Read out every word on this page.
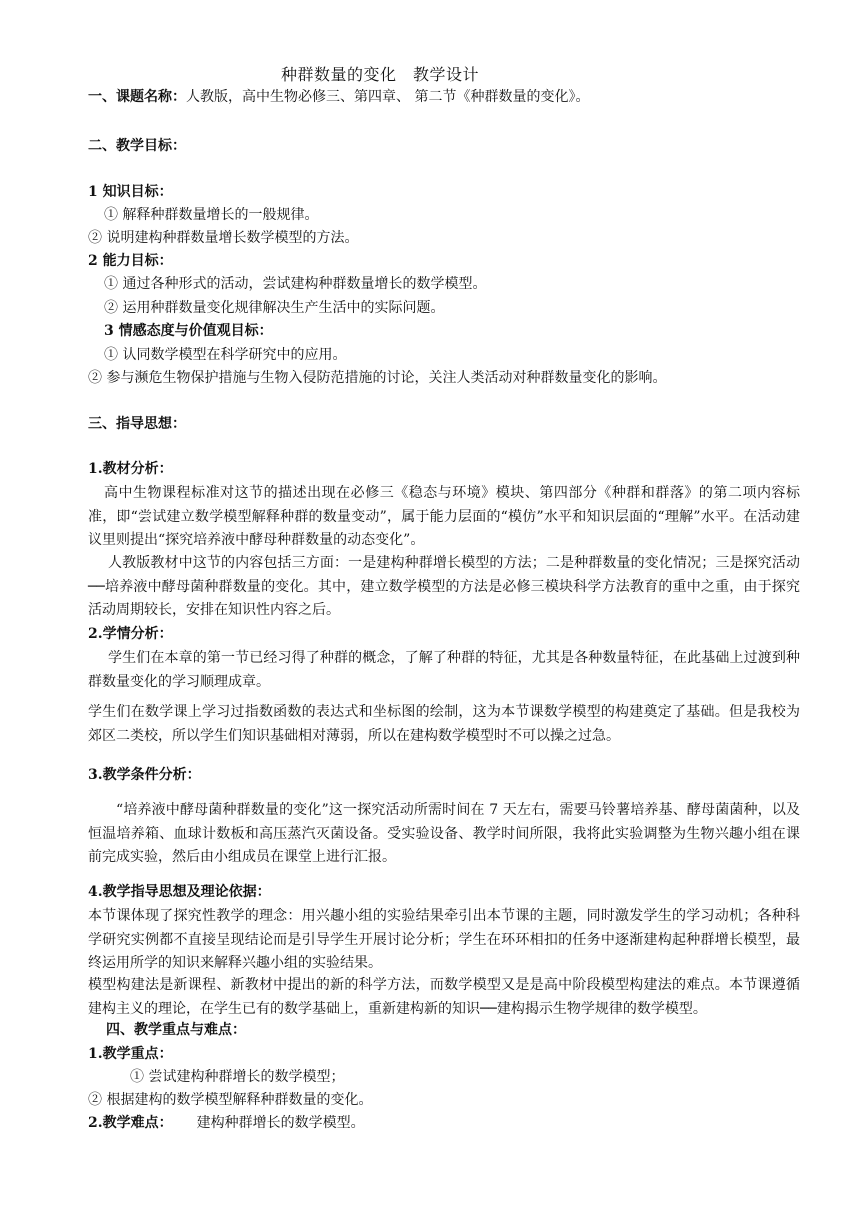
种群数量的变化　教学设计
一、课题名称：人教版，高中生物必修三、第四章、 第二节《种群数量的变化》。
二、教学目标：
1 知识目标：
① 解释种群数量增长的一般规律。
② 说明建构种群数量增长数学模型的方法。
2 能力目标：
① 通过各种形式的活动，尝试建构种群数量增长的数学模型。
② 运用种群数量变化规律解决生产生活中的实际问题。
3 情感态度与价值观目标：
① 认同数学模型在科学研究中的应用。
② 参与濒危生物保护措施与生物入侵防范措施的讨论，关注人类活动对种群数量变化的影响。
三、指导思想：
1.教材分析：
高中生物课程标准对这节的描述出现在必修三《稳态与环境》模块、第四部分《种群和群落》的第二项内容标准，即“尝试建立数学模型解释种群的数量变动”，属于能力层面的“模仿”水平和知识层面的“理解”水平。在活动建议里则提出“探究培养液中酵母种群数量的动态变化”。
人教版教材中这节的内容包括三方面：一是建构种群增长模型的方法；二是种群数量的变化情况；三是探究活动──培养液中酵母菌种群数量的变化。其中，建立数学模型的方法是必修三模块科学方法教育的重中之重，由于探究活动周期较长，安排在知识性内容之后。
2.学情分析：
学生们在本章的第一节已经习得了种群的概念，了解了种群的特征，尤其是各种数量特征，在此基础上过渡到种群数量变化的学习顺理成章。
学生们在数学课上学习过指数函数的表达式和坐标图的绘制，这为本节课数学模型的构建奠定了基础。但是我校为郊区二类校，所以学生们知识基础相对薄弱，所以在建构数学模型时不可以操之过急。
3.教学条件分析：
“培养液中酵母菌种群数量的变化”这一探究活动所需时间在 7 天左右，需要马铃薯培养基、酵母菌菌种，以及恒温培养箱、血球计数板和高压蒸汽灭菌设备。受实验设备、教学时间所限，我将此实验调整为生物兴趣小组在课前完成实验，然后由小组成员在课堂上进行汇报。
4.教学指导思想及理论依据：
本节课体现了探究性教学的理念：用兴趣小组的实验结果牵引出本节课的主题，同时激发学生的学习动机；各种科学研究实例都不直接呈现结论而是引导学生开展讨论分析；学生在环环相扣的任务中逐渐建构起种群增长模型，最终运用所学的知识来解释兴趣小组的实验结果。
模型构建法是新课程、新教材中提出的新的科学方法，而数学模型又是是高中阶段模型构建法的难点。本节课遵循建构主义的理论，在学生已有的数学基础上，重新建构新的知识──建构揭示生物学规律的数学模型。
四、教学重点与难点：
1.教学重点：
① 尝试建构种群增长的数学模型；
② 根据建构的数学模型解释种群数量的变化。
2.教学难点： 建构种群增长的数学模型。
